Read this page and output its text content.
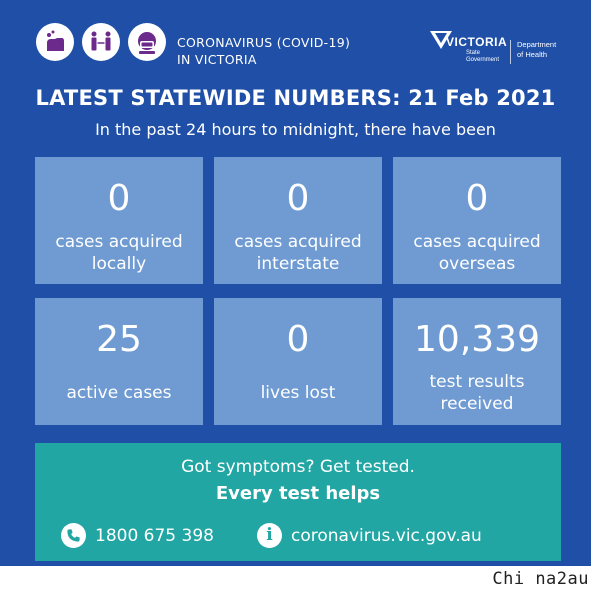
CORONAVIRUS (COVID-19)
IN VICTORIA
VICTORIA
State
Government
Department
of Health
LATEST STATEWIDE NUMBERS: 21 Feb 2021
In the past 24 hours to midnight, there have been
0
cases acquired
locally
0
cases acquired
interstate
0
cases acquired
overseas
25
active cases
0
lives lost
10,339
test results
received
Got symptoms? Get tested.
Every test helps
1800 675 398	i coronavirus.vic.gov.au
Chi na2au
